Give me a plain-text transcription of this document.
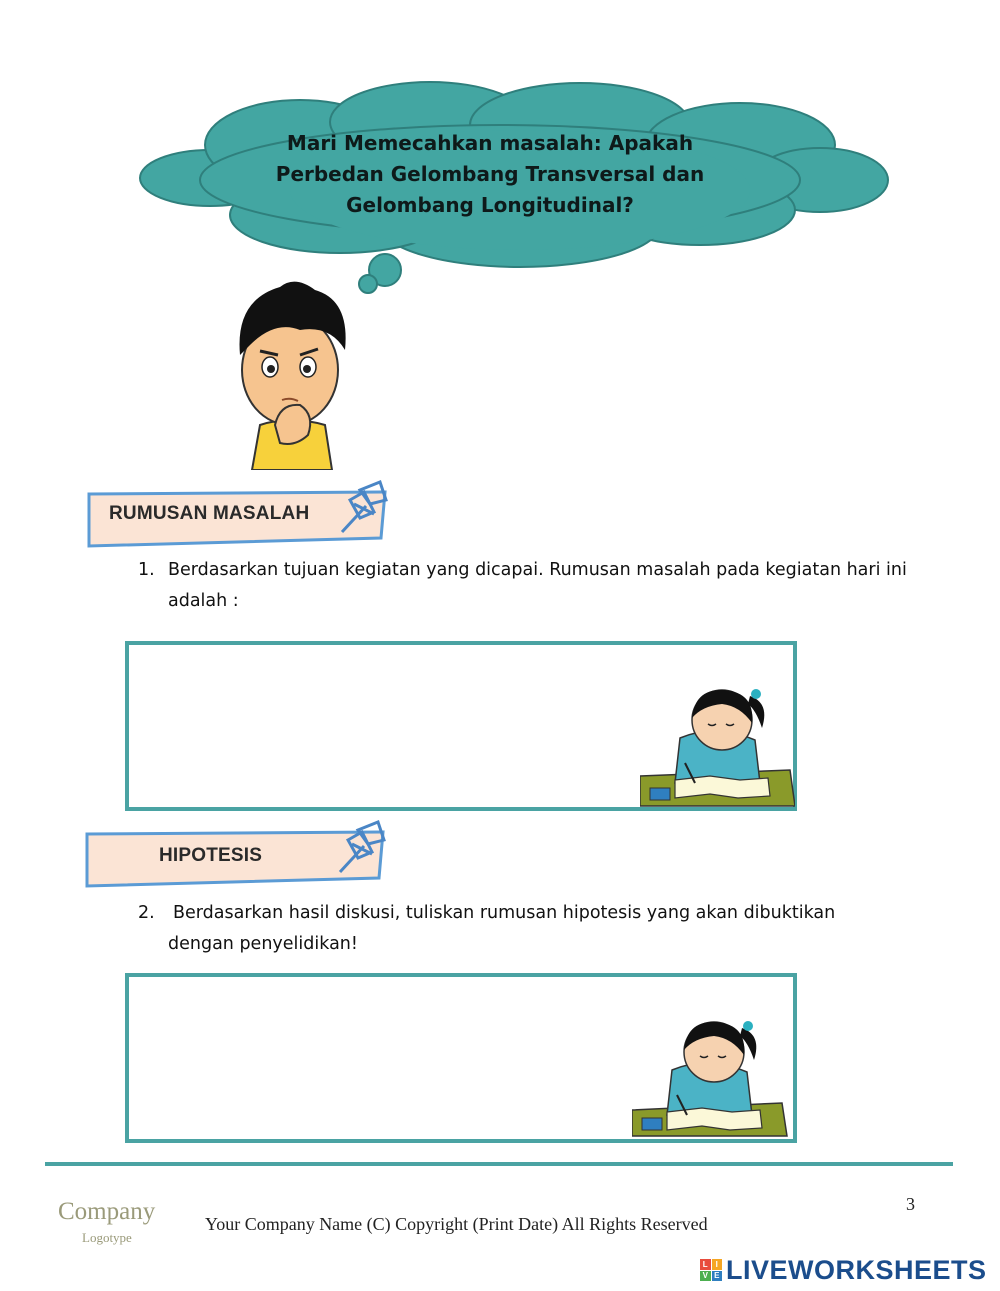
Mari Memecahkan masalah: Apakah
Perbedan Gelombang Transversal dan
Gelombang Longitudinal?
RUMUSAN MASALAH
1. Berdasarkan tujuan kegiatan yang dicapai. Rumusan masalah pada kegiatan hari ini
adalah :
HIPOTESIS
2. Berdasarkan hasil diskusi, tuliskan rumusan hipotesis yang akan dibuktikan
dengan penyelidikan!
Company
Logotype
Your Company Name (C) Copyright (Print Date) All Rights Reserved
3
L I
V E LIVEWORKSHEETS
